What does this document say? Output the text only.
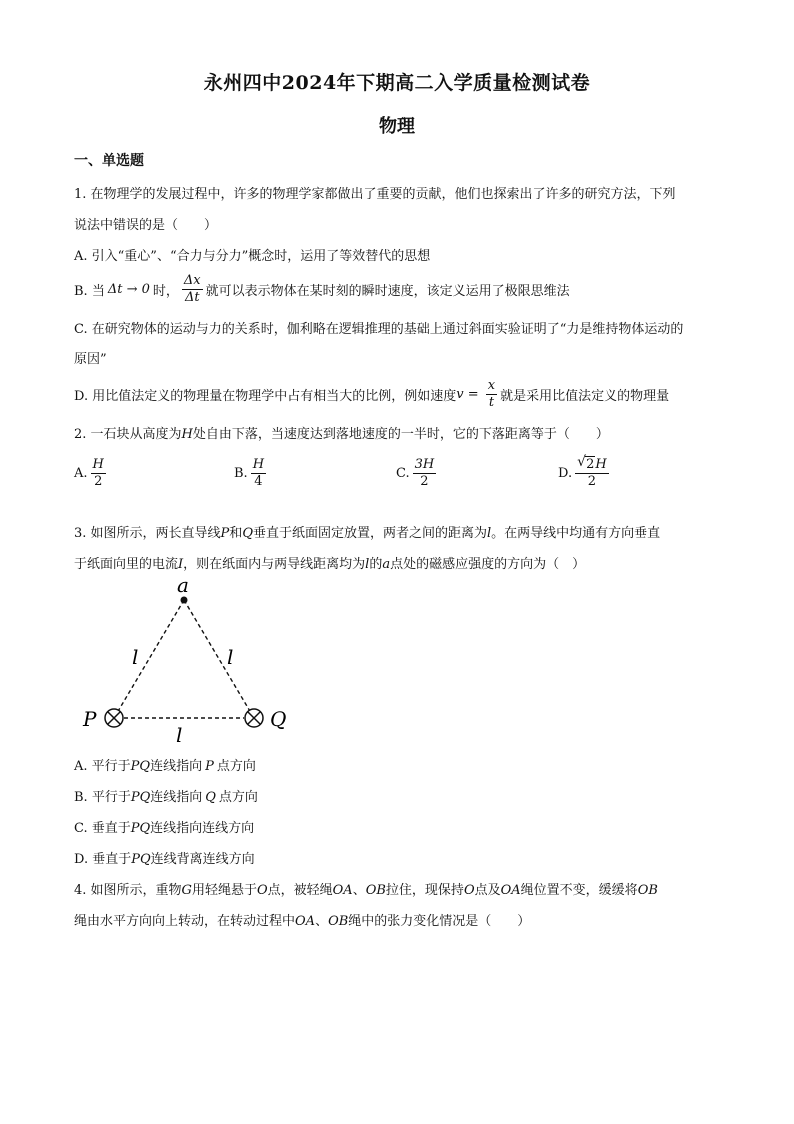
永州四中2024年下期高二入学质量检测试卷
物理
一、单选题
1. 在物理学的发展过程中，许多的物理学家都做出了重要的贡献，他们也探索出了许多的研究方法，下列
说法中错误的是（　　）
A. 引入“重心”、“合力与分力”概念时，运用了等效替代的思想
B. 当 Δt → 0 时， $\frac{\Delta x}{\Delta t}$ 就可以表示物体在某时刻的瞬时速度，该定义运用了极限思维法
C. 在研究物体的运动与力的关系时，伽利略在逻辑推理的基础上通过斜面实验证明了“力是维持物体运动的
原因”
D. 用比值法定义的物理量在物理学中占有相当大的比例，例如速度 $v = \frac{x}{t}$ 就是采用比值法定义的物理量
2. 一石块从高度为H处自由下落，当速度达到落地速度的一半时，它的下落距离等于（　　）
A. $\frac{H}{2}$	B. $\frac{H}{4}$	C. $\frac{3H}{2}$	D. $\frac{√ 2H}{2}$
3. 如图所示，两长直导线P和Q垂直于纸面固定放置，两者之间的距离为l。在两导线中均通有方向垂直
于纸面向里的电流I，则在纸面内与两导线距离均为l的a点处的磁感应强度的方向为（　）
a
P	Q
l	l
l
A. 平行于PQ连线指向 P 点方向
B. 平行于PQ连线指向 Q 点方向
C. 垂直于PQ连线指向连线方向
D. 垂直于PQ连线背离连线方向
4. 如图所示，重物G用轻绳悬于O点，被轻绳OA、OB拉住，现保持O点及OA绳位置不变，缓缓将OB
绳由水平方向向上转动，在转动过程中OA、OB绳中的张力变化情况是（　　）
